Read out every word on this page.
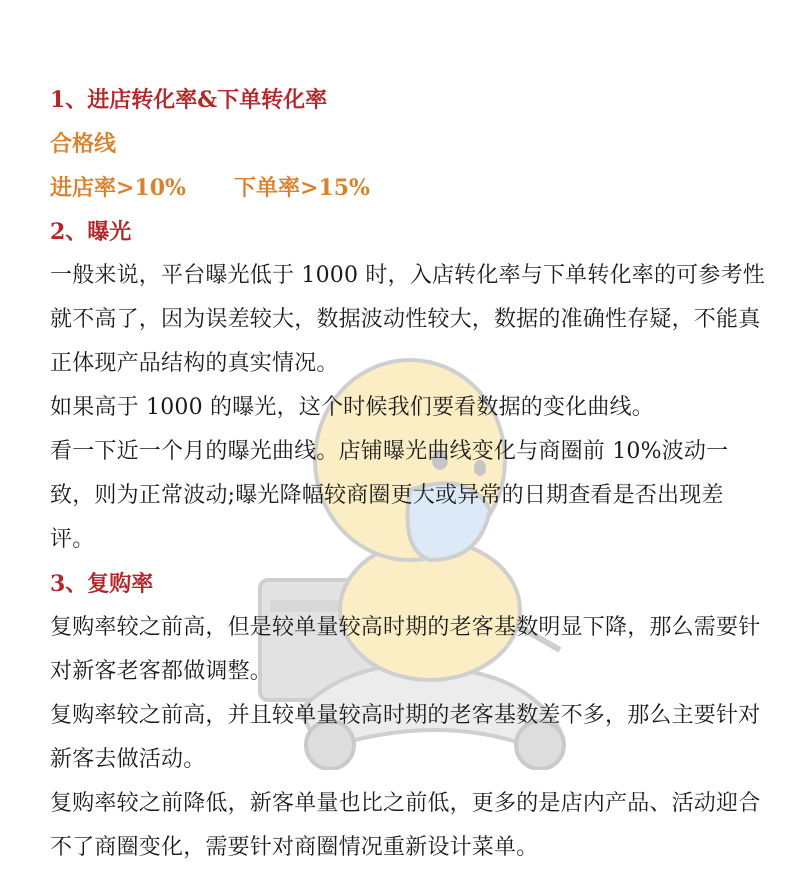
1、进店转化率&下单转化率

合格线

进店率>10% 下单率>15%

2、曝光

一般来说，平台曝光低于 1000 时，入店转化率与下单转化率的可参考性就不高了，因为误差较大，数据波动性较大，数据的准确性存疑，不能真正体现产品结构的真实情况。

如果高于 1000 的曝光，这个时候我们要看数据的变化曲线。

看一下近一个月的曝光曲线。店铺曝光曲线变化与商圈前 10%波动一致，则为正常波动;曝光降幅较商圈更大或异常的日期查看是否出现差评。

3、复购率

复购率较之前高，但是较单量较高时期的老客基数明显下降，那么需要针对新客老客都做调整。

复购率较之前高，并且较单量较高时期的老客基数差不多，那么主要针对新客去做活动。

复购率较之前降低，新客单量也比之前低，更多的是店内产品、活动迎合不了商圈变化，需要针对商圈情况重新设计菜单。
